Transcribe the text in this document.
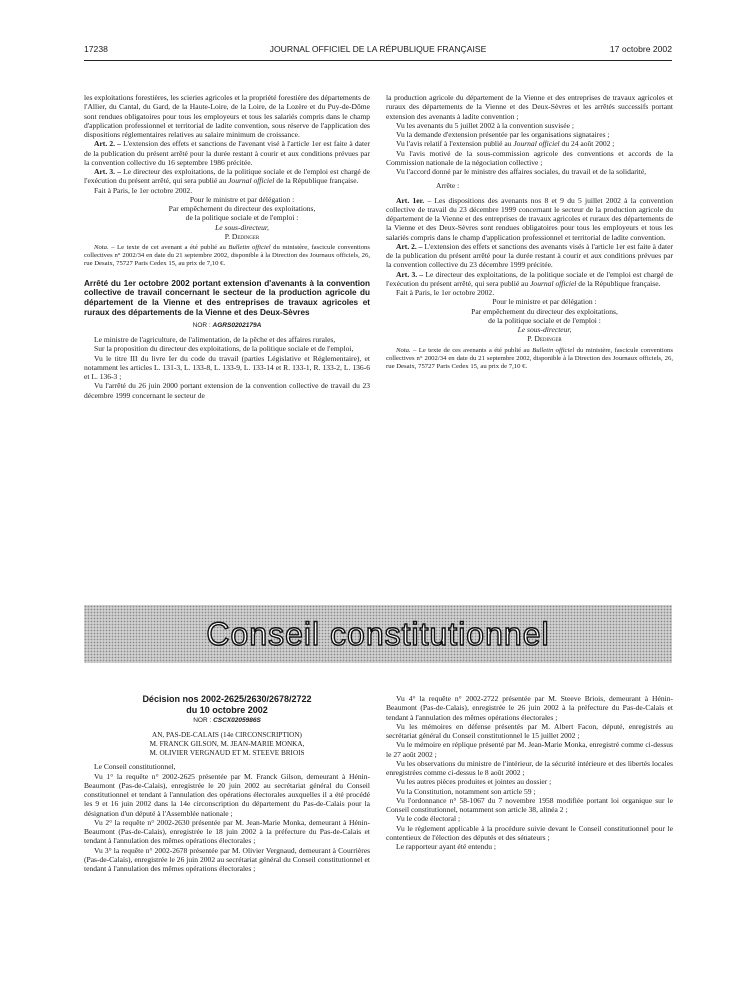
17238	JOURNAL OFFICIEL DE LA RÉPUBLIQUE FRANÇAISE	17 octobre 2002

les exploitations forestières, les scieries agricoles et la propriété forestière des départements de l'Allier, du Cantal, du Gard, de la Haute-Loire, de la Loire, de la Lozère et du Puy-de-Dôme sont rendues obligatoires pour tous les employeurs et tous les salariés compris dans le champ d'application professionnel et territorial de ladite convention, sous réserve de l'application des dispositions réglementaires relatives au salaire minimum de croissance.

Art. 2. – L'extension des effets et sanctions de l'avenant visé à l'article 1er est faite à dater de la publication du présent arrêté pour la durée restant à courir et aux conditions prévues par la convention collective du 16 septembre 1986 précitée.

Art. 3. – Le directeur des exploitations, de la politique sociale et de l'emploi est chargé de l'exécution du présent arrêté, qui sera publié au Journal officiel de la République française.

Fait à Paris, le 1er octobre 2002.

Pour le ministre et par délégation :

Par empêchement du directeur des exploitations,

de la politique sociale et de l'emploi :

Le sous-directeur,

P. Dedinger

Nota. – Le texte de cet avenant a été publié au Bulletin officiel du ministère, fascicule conventions collectives n° 2002/34 en date du 21 septembre 2002, disponible à la Direction des Journaux officiels, 26, rue Desaix, 75727 Paris Cedex 15, au prix de 7,10 €.

Arrêté du 1er octobre 2002 portant extension d'avenants à la convention collective de travail concernant le secteur de la production agricole du département de la Vienne et des entreprises de travaux agricoles et ruraux des départements de la Vienne et des Deux-Sèvres

NOR : AGRS0202179A

Le ministre de l'agriculture, de l'alimentation, de la pêche et des affaires rurales,

Sur la proposition du directeur des exploitations, de la politique sociale et de l'emploi,

Vu le titre III du livre Ier du code du travail (parties Législative et Réglementaire), et notamment les articles L. 131-3, L. 133-8, L. 133-9, L. 133-14 et R. 133-1, R. 133-2, L. 136-6 et L. 136-3 ;

Vu l'arrêté du 26 juin 2000 portant extension de la convention collective de travail du 23 décembre 1999 concernant le secteur de

la production agricole du département de la Vienne et des entreprises de travaux agricoles et ruraux des départements de la Vienne et des Deux-Sèvres et les arrêtés successifs portant extension des avenants à ladite convention ;

Vu les avenants du 5 juillet 2002 à la convention susvisée ;

Vu la demande d'extension présentée par les organisations signataires ;

Vu l'avis relatif à l'extension publié au Journal officiel du 24 août 2002 ;

Vu l'avis motivé de la sous-commission agricole des conventions et accords de la Commission nationale de la négociation collective ;

Vu l'accord donné par le ministre des affaires sociales, du travail et de la solidarité,

Arrête :

Art. 1er. – Les dispositions des avenants nos 8 et 9 du 5 juillet 2002 à la convention collective de travail du 23 décembre 1999 concernant le secteur de la production agricole du département de la Vienne et des entreprises de travaux agricoles et ruraux des départements de la Vienne et des Deux-Sèvres sont rendues obligatoires pour tous les employeurs et tous les salariés compris dans le champ d'application professionnel et territorial de ladite convention.

Art. 2. – L'extension des effets et sanctions des avenants visés à l'article 1er est faite à dater de la publication du présent arrêté pour la durée restant à courir et aux conditions prévues par la convention collective du 23 décembre 1999 précitée.

Art. 3. – Le directeur des exploitations, de la politique sociale et de l'emploi est chargé de l'exécution du présent arrêté, qui sera publié au Journal officiel de la République française.

Fait à Paris, le 1er octobre 2002.

Pour le ministre et par délégation :

Par empêchement du directeur des exploitations,

de la politique sociale et de l'emploi :

Le sous-directeur,

P. Dedinger

Nota. – Le texte de ces avenants a été publié au Bulletin officiel du ministère, fascicule conventions collectives n° 2002/34 en date du 21 septembre 2002, disponible à la Direction des Journaux officiels, 26, rue Desaix, 75727 Paris Cedex 15, au prix de 7,10 €.

Conseil constitutionnel

Décision nos 2002-2625/2630/2678/2722

du 10 octobre 2002

NOR : CSCX0205986S

AN, PAS-DE-CALAIS (14e CIRCONSCRIPTION)

M. FRANCK GILSON, M. JEAN-MARIE MONKA,

M. OLIVIER VERGNAUD ET M. STEEVE BRIOIS

Le Conseil constitutionnel,

Vu 1° la requête n° 2002-2625 présentée par M. Franck Gilson, demeurant à Hénin-Beaumont (Pas-de-Calais), enregistrée le 20 juin 2002 au secrétariat général du Conseil constitutionnel et tendant à l'annulation des opérations électorales auxquelles il a été procédé les 9 et 16 juin 2002 dans la 14e circonscription du département du Pas-de-Calais pour la désignation d'un député à l'Assemblée nationale ;

Vu 2° la requête n° 2002-2630 présentée par M. Jean-Marie Monka, demeurant à Hénin-Beaumont (Pas-de-Calais), enregistrée le 18 juin 2002 à la préfecture du Pas-de-Calais et tendant à l'annulation des mêmes opérations électorales ;

Vu 3° la requête n° 2002-2678 présentée par M. Olivier Vergnaud, demeurant à Courrières (Pas-de-Calais), enregistrée le 26 juin 2002 au secrétariat général du Conseil constitutionnel et tendant à l'annulation des mêmes opérations électorales ;

Vu 4° la requête n° 2002-2722 présentée par M. Steeve Briois, demeurant à Hénin-Beaumont (Pas-de-Calais), enregistrée le 26 juin 2002 à la préfecture du Pas-de-Calais et tendant à l'annulation des mêmes opérations électorales ;

Vu les mémoires en défense présentés par M. Albert Facon, député, enregistrés au secrétariat général du Conseil constitutionnel le 15 juillet 2002 ;

Vu le mémoire en réplique présenté par M. Jean-Marie Monka, enregistré comme ci-dessus le 27 août 2002 ;

Vu les observations du ministre de l'intérieur, de la sécurité intérieure et des libertés locales enregistrées comme ci-dessus le 8 août 2002 ;

Vu les autres pièces produites et jointes au dossier ;

Vu la Constitution, notamment son article 59 ;

Vu l'ordonnance n° 58-1067 du 7 novembre 1958 modifiée portant loi organique sur le Conseil constitutionnel, notamment son article 38, alinéa 2 ;

Vu le code électoral ;

Vu le règlement applicable à la procédure suivie devant le Conseil constitutionnel pour le contentieux de l'élection des députés et des sénateurs ;

Le rapporteur ayant été entendu ;
